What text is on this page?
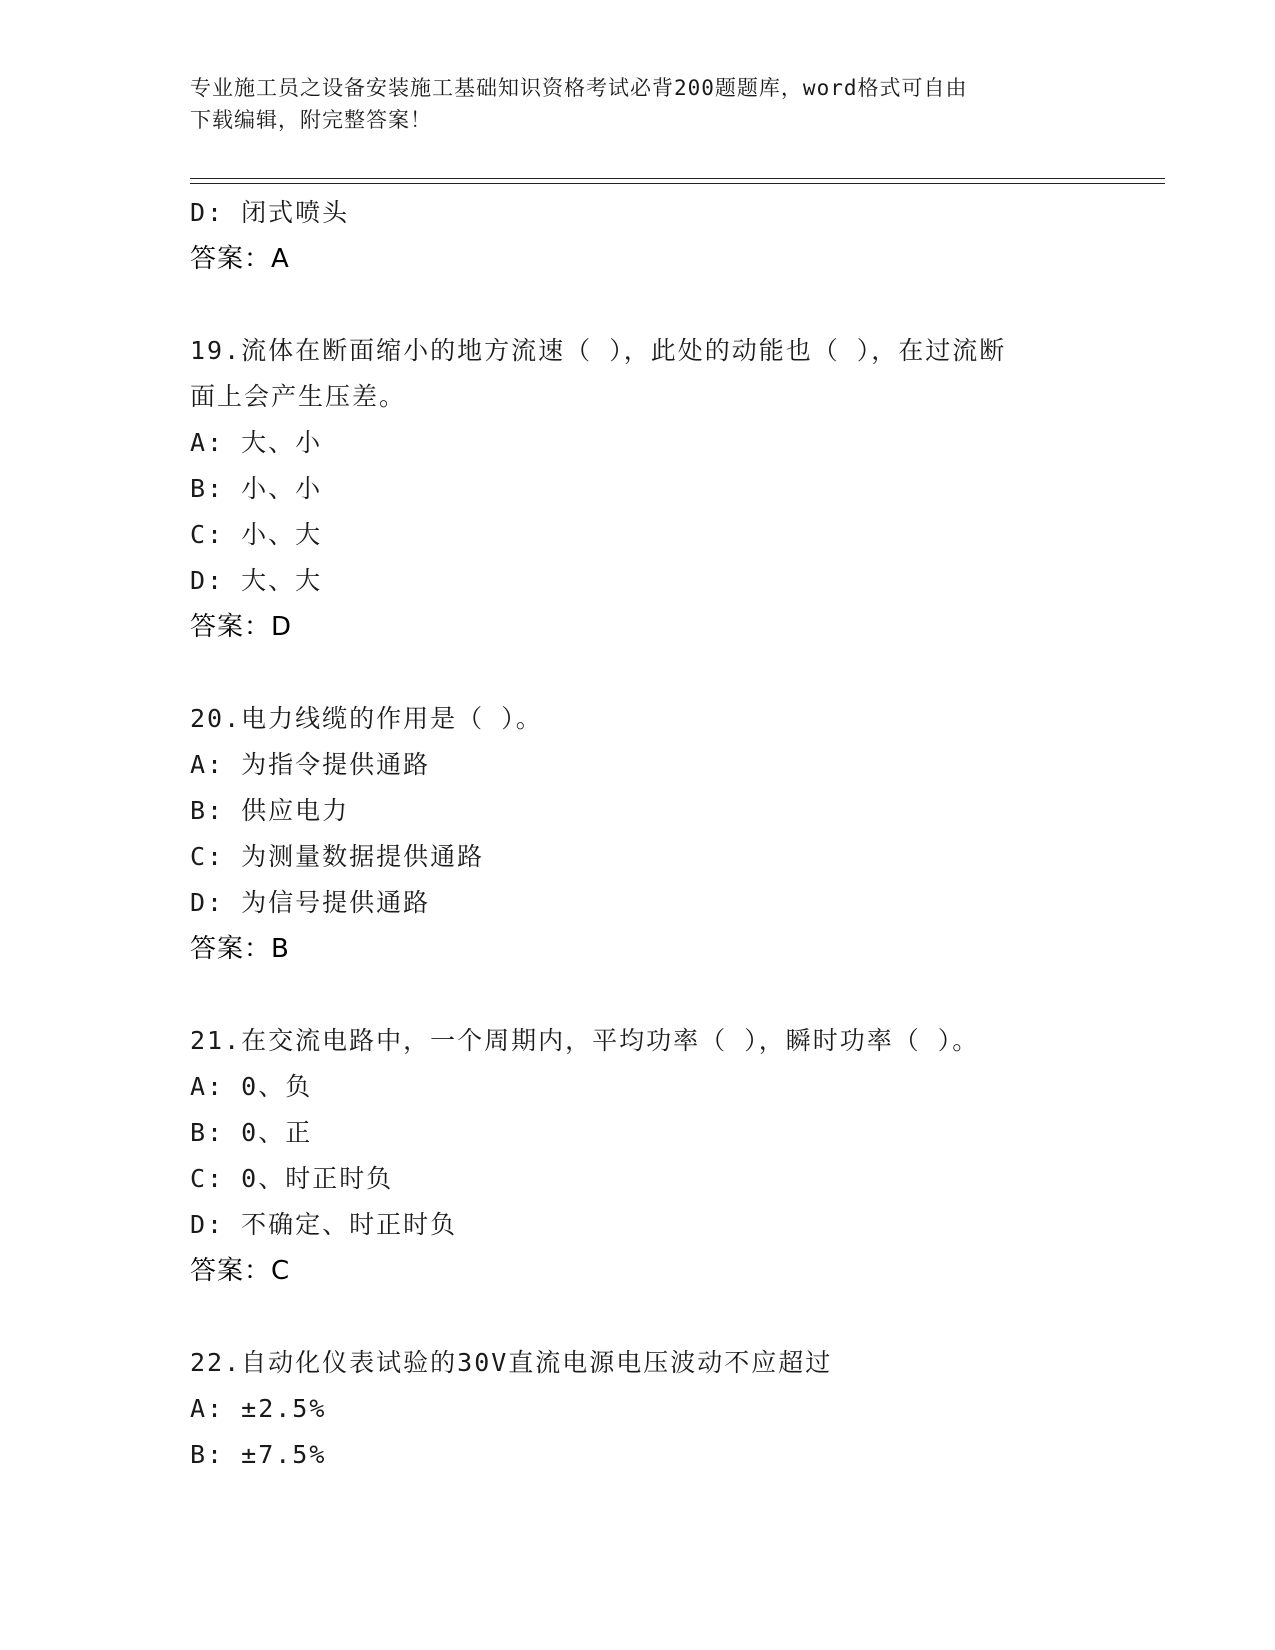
专业施工员之设备安装施工基础知识资格考试必背200题题库，word格式可自由
下载编辑，附完整答案！
D: 闭式喷头
答案：A
19.流体在断面缩小的地方流速（ ），此处的动能也（ ），在过流断
面上会产生压差。
A: 大、小
B: 小、小
C: 小、大
D: 大、大
答案：D
20.电力线缆的作用是（ ）。
A: 为指令提供通路
B: 供应电力
C: 为测量数据提供通路
D: 为信号提供通路
答案：B
21.在交流电路中，一个周期内，平均功率（ ），瞬时功率（ ）。
A: 0、负
B: 0、正
C: 0、时正时负
D: 不确定、时正时负
答案：C
22.自动化仪表试验的30V直流电源电压波动不应超过
A: ±2.5%
B: ±7.5%
